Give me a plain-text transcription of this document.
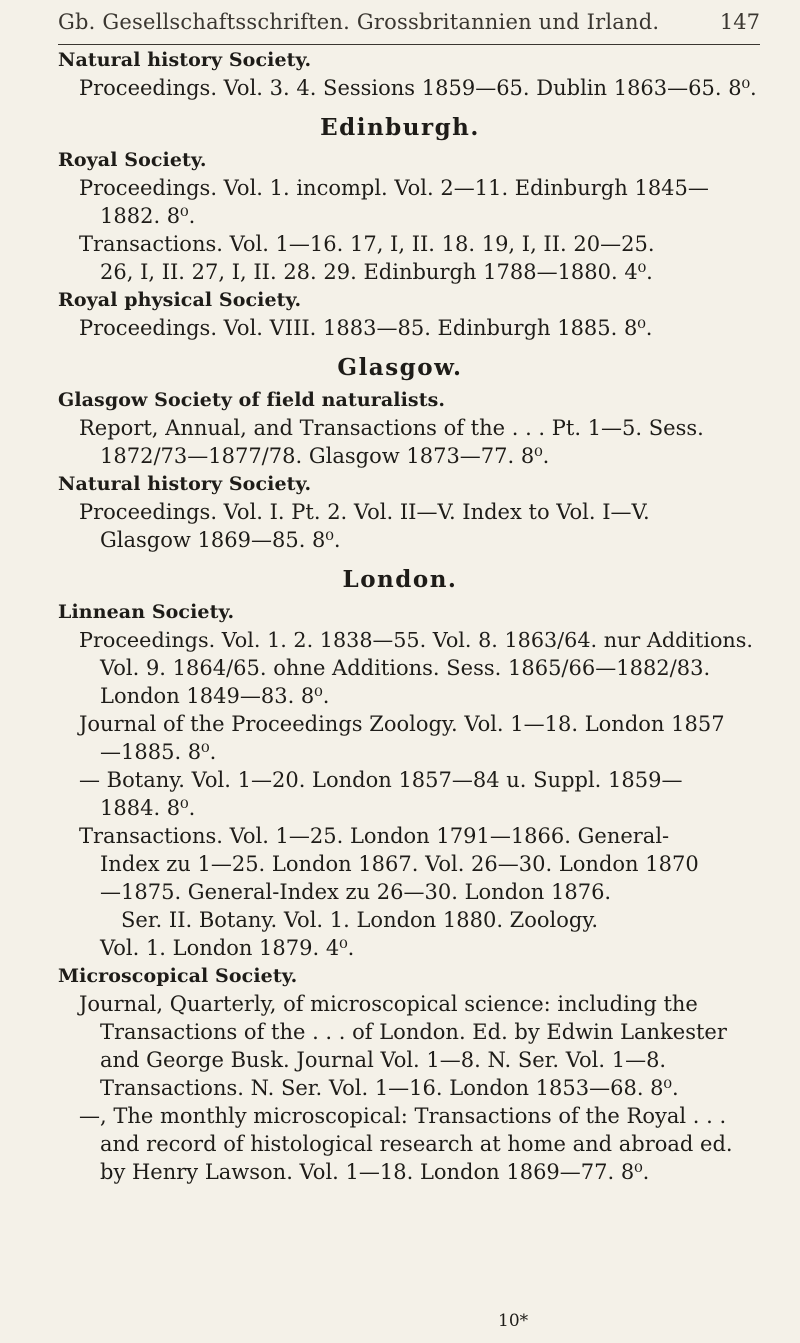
Gb. Gesellschaftsschriften. Grossbritannien und Irland.	147
Natural history Society.
Proceedings. Vol. 3. 4. Sessions 1859—65. Dublin 1863—65. 8⁰.
Edinburgh.
Royal Society.
Proceedings. Vol. 1. incompl. Vol. 2—11. Edinburgh 1845—
1882. 8⁰.
Transactions. Vol. 1—16. 17, I, II. 18. 19, I, II. 20—25.
26, I, II. 27, I, II. 28. 29. Edinburgh 1788—1880. 4⁰.
Royal physical Society.
Proceedings. Vol. VIII. 1883—85. Edinburgh 1885. 8⁰.
Glasgow.
Glasgow Society of field naturalists.
Report, Annual, and Transactions of the . . . Pt. 1—5. Sess.
1872/73—1877/78. Glasgow 1873—77. 8⁰.
Natural history Society.
Proceedings. Vol. I. Pt. 2. Vol. II—V. Index to Vol. I—V.
Glasgow 1869—85. 8⁰.
London.
Linnean Society.
Proceedings. Vol. 1. 2. 1838—55. Vol. 8. 1863/64. nur Additions.
Vol. 9. 1864/65. ohne Additions. Sess. 1865/66—1882/83.
London 1849—83. 8⁰.
Journal of the Proceedings Zoology. Vol. 1—18. London 1857
—1885. 8⁰.
— Botany. Vol. 1—20. London 1857—84 u. Suppl. 1859—
1884. 8⁰.
Transactions. Vol. 1—25. London 1791—1866. General-
Index zu 1—25. London 1867. Vol. 26—30. London 1870
—1875. General-Index zu 26—30. London 1876.
Ser. II. Botany. Vol. 1. London 1880. Zoology.
Vol. 1. London 1879. 4⁰.
Microscopical Society.
Journal, Quarterly, of microscopical science: including the
Transactions of the . . . of London. Ed. by Edwin Lankester
and George Busk. Journal Vol. 1—8. N. Ser. Vol. 1—8.
Transactions. N. Ser. Vol. 1—16. London 1853—68. 8⁰.
—, The monthly microscopical: Transactions of the Royal . . .
and record of histological research at home and abroad ed.
by Henry Lawson. Vol. 1—18. London 1869—77. 8⁰.
10*
